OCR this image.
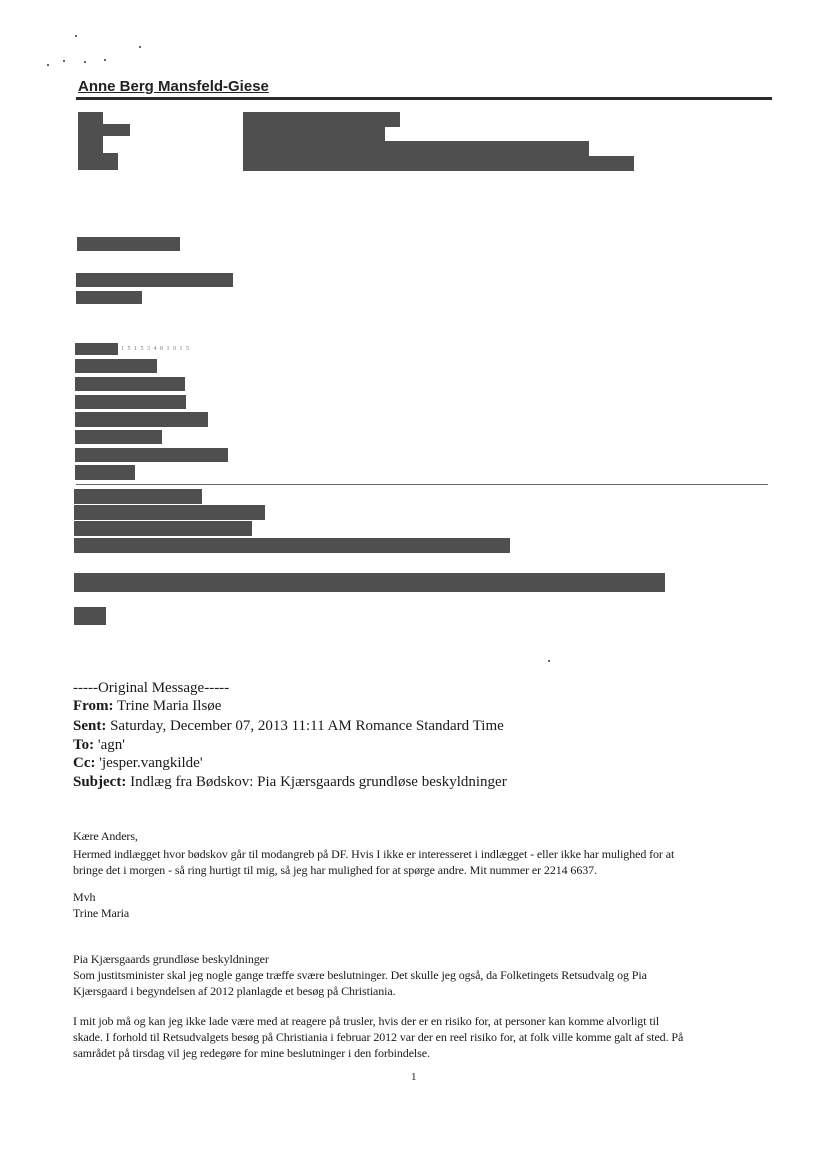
Anne Berg Mansfeld-Giese
1 5 1 5 3 4 0 1 0 1 5
-----Original Message-----
From: Trine Maria Ilsøe
Sent: Saturday, December 07, 2013 11:11 AM Romance Standard Time
To: 'agn'
Cc: 'jesper.vangkilde'
Subject: Indlæg fra Bødskov: Pia Kjærsgaards grundløse beskyldninger
Kære Anders,
Hermed indlægget hvor bødskov går til modangreb på DF. Hvis I ikke er interesseret i indlægget - eller ikke har mulighed for at
bringe det i morgen - så ring hurtigt til mig, så jeg har mulighed for at spørge andre. Mit nummer er 2214 6637.
Mvh
Trine Maria
Pia Kjærsgaards grundløse beskyldninger
Som justitsminister skal jeg nogle gange træffe svære beslutninger. Det skulle jeg også, da Folketingets Retsudvalg og Pia
Kjærsgaard i begyndelsen af 2012 planlagde et besøg på Christiania.
I mit job må og kan jeg ikke lade være med at reagere på trusler, hvis der er en risiko for, at personer kan komme alvorligt til
skade. I forhold til Retsudvalgets besøg på Christiania i februar 2012 var der en reel risiko for, at folk ville komme galt af sted. På
samrådet på tirsdag vil jeg redegøre for mine beslutninger i den forbindelse.
1
